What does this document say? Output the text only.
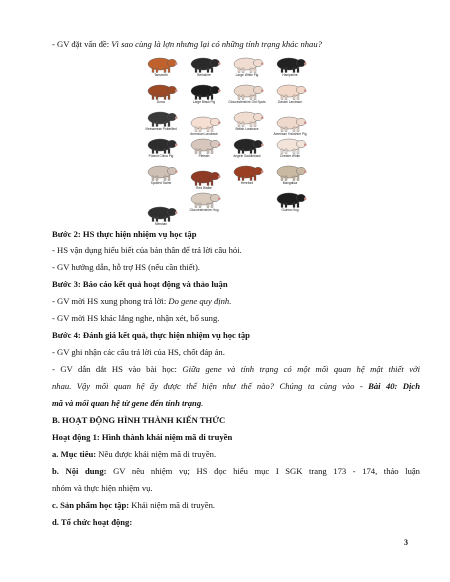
- GV đặt vấn đề: Vì sao cùng là lợn nhưng lại có những tính trạng khác nhau?
Tamworth	Berkshire	Large White Pig	Hampshire
Duroc	Large Black Pig	Gloucestershire Old Spots	Danish Landrace
Vietnamese Potbellied
American Landrace
British Landrace
American Yorkshire Pig
Poland China Pig	Pietrain	Angeln Saddleback	Chester White
Spotted Swine
Red Wattle
Hereford	Mangalica
Gloucestershire Hog
Meishan
Guinea Hog
Bước 2: HS thực hiện nhiệm vụ học tập
- HS vận dụng hiểu biết của bản thân để trả lời câu hỏi.
- GV hướng dẫn, hỗ trợ HS (nếu cần thiết).
Bước 3: Báo cáo kết quả hoạt động và thảo luận
- GV mời HS xung phong trả lời: Do gene quy định.
- GV mời HS khác lắng nghe, nhận xét, bổ sung.
Bước 4: Đánh giá kết quả, thực hiện nhiệm vụ học tập
- GV ghi nhận các câu trả lời của HS, chốt đáp án.
- GV dẫn dắt HS vào bài học: Giữa gene và tính trạng có một mối quan hệ mật thiết với
nhau. Vậy mối quan hệ ấy được thể hiện như thế nào? Chúng ta cùng vào - Bài 40: Dịch
mã và mối quan hệ từ gene đến tính trạng.
B. HOẠT ĐỘNG HÌNH THÀNH KIẾN THỨC
Hoạt động 1: Hình thành khái niệm mã di truyền
a. Mục tiêu: Nêu được khái niệm mã di truyền.
b. Nội dung: GV nêu nhiệm vụ; HS đọc hiểu mục I SGK trang 173 - 174, thảo luận
nhóm và thực hiện nhiệm vụ.
c. Sản phẩm học tập: Khái niệm mã di truyền.
d. Tổ chức hoạt động:
3
